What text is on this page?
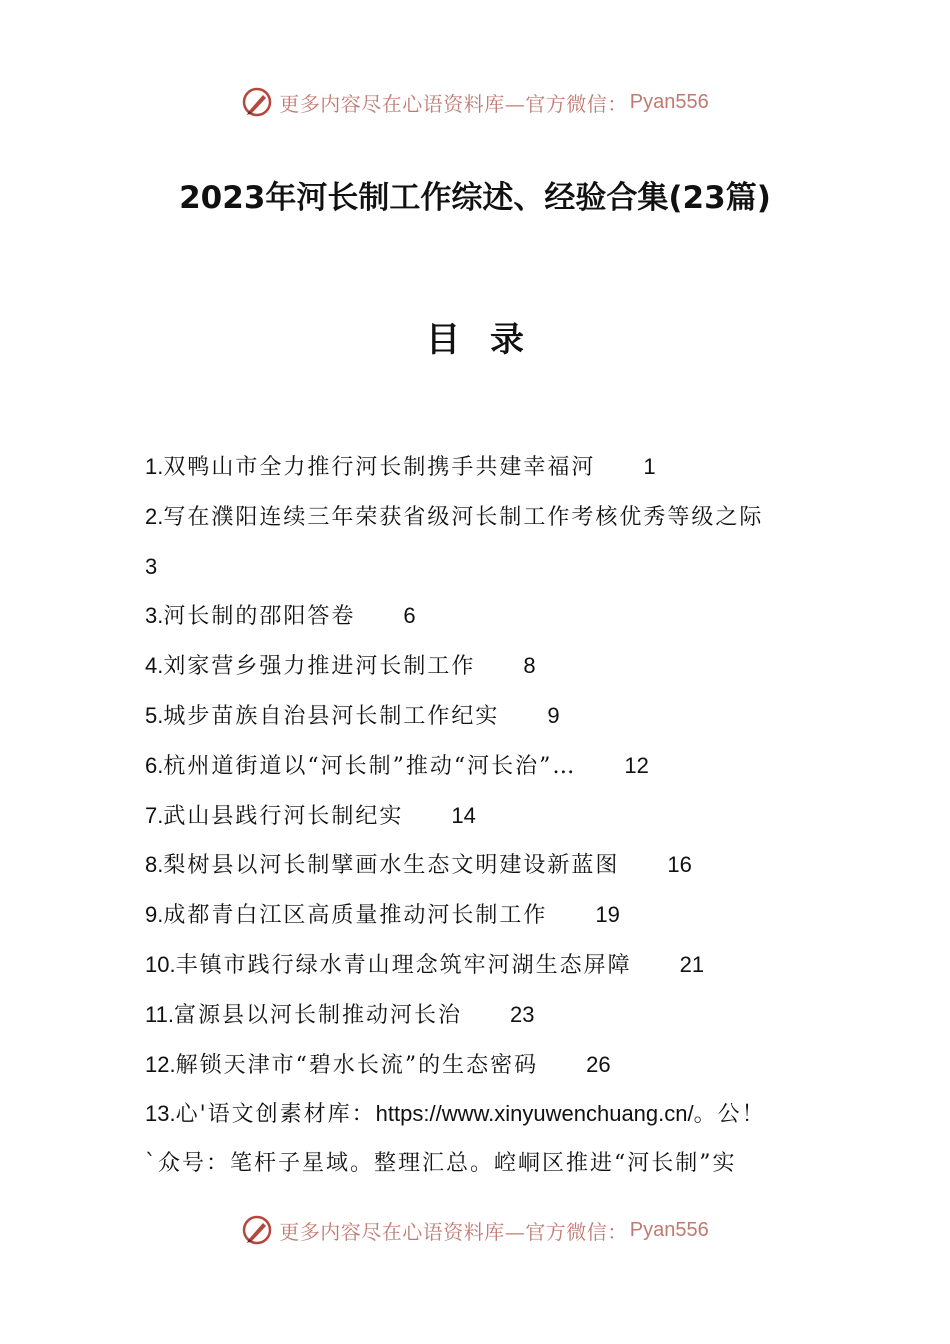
更多内容尽在心语资料库—官方微信： Pyan556
2023年河长制工作综述、经验合集(23篇)
目录
1.双鸭山市全力推行河长制携手共建幸福河 1
2.写在濮阳连续三年荣获省级河长制工作考核优秀等级之际
3
3.河长制的邵阳答卷 6
4.刘家营乡强力推进河长制工作 8
5.城步苗族自治县河长制工作纪实 9
6.杭州道街道以“河长制”推动“河长治”… 12
7.武山县践行河长制纪实 14
8.梨树县以河长制擘画水生态文明建设新蓝图 16
9.成都青白江区高质量推动河长制工作 19
10.丰镇市践行绿水青山理念筑牢河湖生态屏障 21
11.富源县以河长制推动河长治 23
12.解锁天津市“碧水长流”的生态密码 26
13.心'语文创素材库：https://www.xinyuwenchuang.cn/。公！
`众号：笔杆子星域。整理汇总。崆峒区推进“河长制”实
更多内容尽在心语资料库—官方微信： Pyan556
